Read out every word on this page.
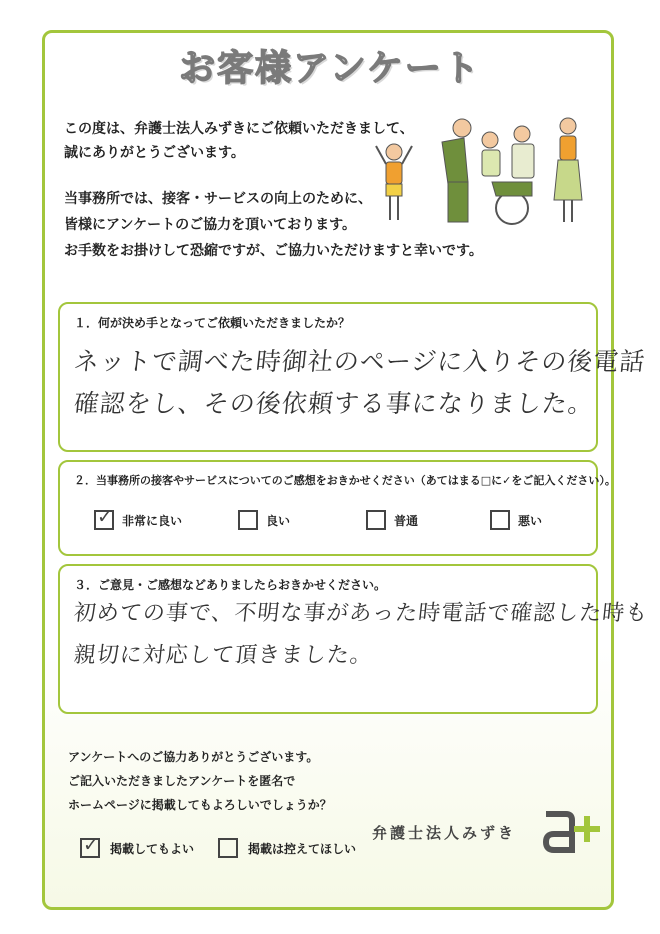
お客様アンケート
この度は、弁護士法人みずきにご依頼いただきまして、
誠にありがとうございます。
当事務所では、接客・サービスの向上のために、
皆様にアンケートのご協力を頂いております。
お手数をお掛けして恐縮ですが、ご協力いただけますと幸いです。
１．何が決め手となってご依頼いただきましたか？
ネットで調べた時御社のページに入りその後電話
確認をし、その後依頼する事になりました。
２．当事務所の接客やサービスについてのご感想をおきかせください（あてはまる□に✓をご記入ください）。
✓ 非常に良い	良い	普通	悪い
３．ご意見・ご感想などありましたらおきかせください。
初めての事で、不明な事があった時電話で確認した時も
親切に対応して頂きました。
アンケートへのご協力ありがとうございます。
ご記入いただきましたアンケートを匿名で
ホームページに掲載してもよろしいでしょうか？
弁護士法人みずき
✓ 掲載してもよい	掲載は控えてほしい
